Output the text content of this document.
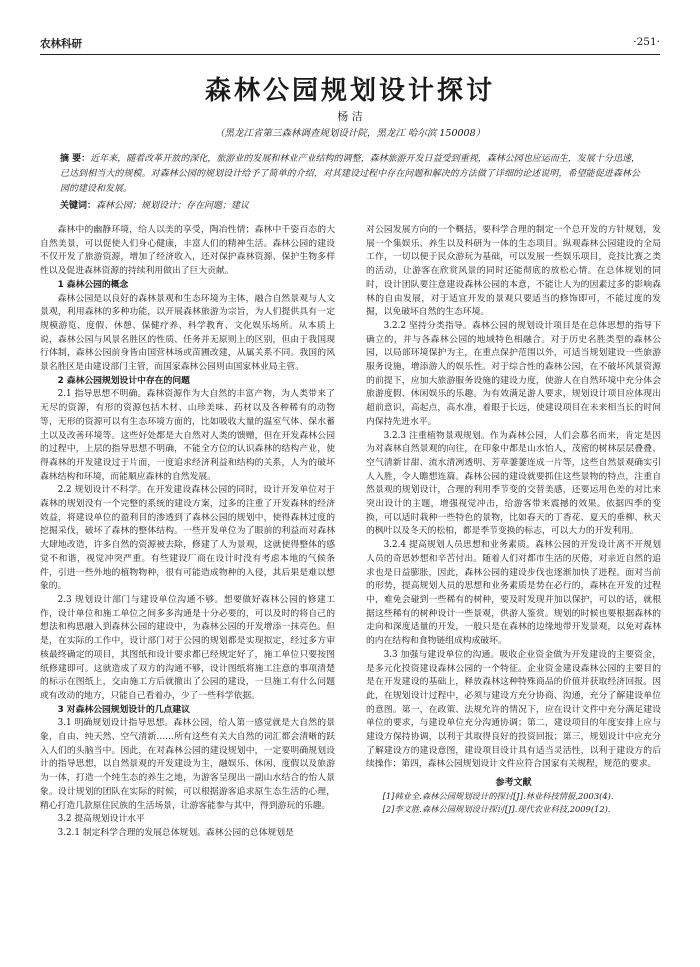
农林科研	·251·
森林公园规划设计探讨
杨 洁
（黑龙江省第三森林调查规划设计院，黑龙江 哈尔滨 150008）
摘 要：近年来，随着改革开放的深化，旅游业的发展和林业产业结构的调整，森林旅游开发日益受到重视，森林公园也应运而生，发展十分迅速，已达到相当大的规模。对森林公园的规划设计给予了简单的介绍，对其建设过程中存在问题和解决的方法做了详细的论述说明，希望能促进森林公园的建设和发展。
关键词：森林公园；规划设计；存在问题；建议

森林中的幽静环境，给人以美的享受，陶冶性情；森林中千姿百态的大自然美景，可以促使人们身心健康，丰富人们的精神生活。森林公园的建设不仅开发了旅游资源，增加了经济收入，还对保护森林资源、保护生物多样性以及促进森林资源的持续利用做出了巨大贡献。

1 森林公园的概念

森林公园是以良好的森林景观和生态环境为主体，融合自然景观与人文景观，利用森林的多种功能，以开展森林旅游为宗旨，为人们提供具有一定规模游览、度假、休憩、保健疗养、科学教育、文化娱乐场所。从本质上说，森林公园与风景名胜区的性质、任务并无原则上的区别，但由于我国现行体制，森林公园前身皆由国营林场或苗圃改建，从属关系不同。我国的风景名胜区是由建设部门主管，而国家森林公园则由国家林业局主管。

2 森林公园规划设计中存在的问题

2.1 指导思想不明确。森林资源作为大自然的丰富产物，为人类带来了无尽的资源，有形的资源包括木材、山珍美味、药材以及各种稀有的动物等，无形的资源可以有生态环境方面的，比如吸收大量的温室气体、保水蓄土以及改善环境等。这些好处都是大自然对人类的馈赠，但在开发森林公园的过程中，上层的指导思想不明确，不能全方位的认识森林的结构产业，使得森林的开发建设过于片面，一度追求经济利益和结构的关系，人为的破坏森林结构和环境，而能顺应森林的自然发展。

2.2 规划设计不科学。在开发建设森林公园的同时，设计开发单位对于森林的规划没有一个完整的系统的建设方案，过多的注重了开发森林的经济效益，将建设单位的盈利目的渗透到了森林公园的规划中，使得森林过度的挖掘采伐，破坏了森林的整体结构。一些开发单位为了眼前的利益而对森林大肆地改造，许多自然的资源被去除，修建了人为景观，这就使得整体的感觉不和谐，视觉冲突严重。有些建设厂商在设计时没有考虑本地的气候条件，引进一些外地的植物物种，很有可能造成物种的入侵，其后果是难以想象的。

2.3 规划设计部门与建设单位沟通不够。想要做好森林公园的修建工作，设计单位和施工单位之间多多沟通是十分必要的，可以及时的将自己的想法和构思融入到森林公园的建设中，为森林公园的开发增添一抹亮色。但是，在实际的工作中，设计部门对于公园的规划都是实现拟定，经过多方审核最终确定的项目，其图纸和设计要求都已经规定好了，施工单位只要按图纸修建即可。这就造成了双方的沟通不够，设计图纸将施工注意的事项清楚的标示在图纸上，交由施工方后就撤出了公园的建设，一旦施工有什么问题或有改动的地方，只能自己看着办，少了一些科学依据。

3 对森林公园规划设计的几点建议

3.1 明确规划设计指导思想。森林公园，给人第一感觉就是大自然的景象，自由、纯天然、空气清新……所有这些有关大自然的词汇都会清晰的跃入人们的头脑当中。因此，在对森林公园的建设规划中，一定要明确规划设计的指导思想，以自然景观的开发建设为主，融娱乐、休闲、度假以及旅游为一体，打造一个纯生态的养生之地，为游客呈现出一副山水结合的怡人景象。设计规划的团队在实际的时候，可以根据游客追求原生态生活的心理，精心打造几款原住民族的生活场景，让游客能参与其中，得到游玩的乐趣。

3.2 提高规划设计水平

3.2.1 制定科学合理的发展总体规划。森林公园的总体规划是

对公园发展方向的一个概括，要科学合理的制定一个总开发的方针规划，发展一个集娱乐、养生以及科研为一体的生态项目。纵观森林公园建设的全局工作，一切以便于民众游玩为基础，可以发展一些娱乐项目，竞技比赛之类的活动，让游客在欣赏风景的同时还能彻底的放松心情。在总体规划的同时，设计团队要注意建设森林公园的本意，不能让人为的因素过多的影响森林的自由发展，对于适宜开发的景观只要适当的修饰即可，不能过度的发掘，以免破坏自然的生态环境。

3.2.2 坚持分类指导。森林公园的规划设计项目是在总体思想的指导下确立的，并与各森林公园的地域特色相融合。对于历史名胜类型的森林公园，以局部环境保护为主，在重点保护范围以外，可适当规划建设一些旅游服务设施，增添游人的娱乐性。对于综合性的森林公园，在不破坏风景资源的前提下，应加大旅游服务设施的建设力度，使游人在自然环境中充分体会旅游度假、休闲娱乐的乐趣。为有效满足游人要求，规划设计项目应体现出超前意识，高起点，高水准，着眼于长远，使建设项目在未来相当长的时间内保持先进水平。

3.2.3 注重植物景观规划。作为森林公园，人们会慕名而来，肯定是因为对森林自然景观的向往，在印象中都是山水怡人，茂密的树林层层叠叠、空气清新甘甜、流水清冽透明、芳草萋萋连成一片等，这些自然景观确实引人入胜，令人瞻想连篇。森林公园的建设就要抓住这些景物的特点，注重自然景观的规划设计，合理的利用季节变的交替美感，还要运用色差的对比来突出设计的主题，增强视觉冲击，给游客带来震撼的效果。依据四季的变换，可以适时栽种一些特色的景物，比如春天的丁香花、夏天的垂柳、秋天的枫叶以及冬天的松柏，都是季节变换的标志，可以大力的开发利用。

3.2.4 提高规划人员思想和业务素质。森林公园的开发设计离不开规划人员的奇思妙想和辛苦付出。随着人们对都市生活的厌倦，对亲近自然的追求也是日益膨胀，因此，森林公园的建设步伐也逐渐加快了进程。面对当前的形势，提高规划人员的思想和业务素质是势在必行的，森林在开发的过程中，难免会碰到一些稀有的树种，要及时发现并加以保护，可以的话，就根据这些稀有的树种设计一些景观，供游人鉴赏。规划的时候也要根据森林的走向和深度适量的开发，一般只是在森林的边缘地带开发景观，以免对森林的内在结构和食物链组成构成破坏。

3.3 加强与建设单位的沟通。吸收企业资金做为开发建设的主要资金，是多元化投资建设森林公园的一个特征。企业资金建设森林公园的主要目的是在开发建设的基础上，释放森林这种特殊商品的价值并获取经济回报。因此，在规划设计过程中，必须与建设方充分协商、沟通，充分了解建设单位的意图。第一，在政策、法规允许的情况下，应在设计文件中充分满足建设单位的要求，与建设单位充分沟通协调；第二，建设项目的年度安排上应与建设方保持协调，以利于其取得良好的投资回报；第三，规划设计中应充分了解建设方的建设意图，建设项目设计具有适当灵活性，以利于建设方的后续操作；第四，森林公园规划设计文件应符合国家有关规程，规范的要求。

参考文献

[1]韩业全.森林公园规划设计的探讨[J].林业科技情报,2003(4).

[2]李文胜.森林公园规划设计探讨[J].现代农业科技,2009(12).
